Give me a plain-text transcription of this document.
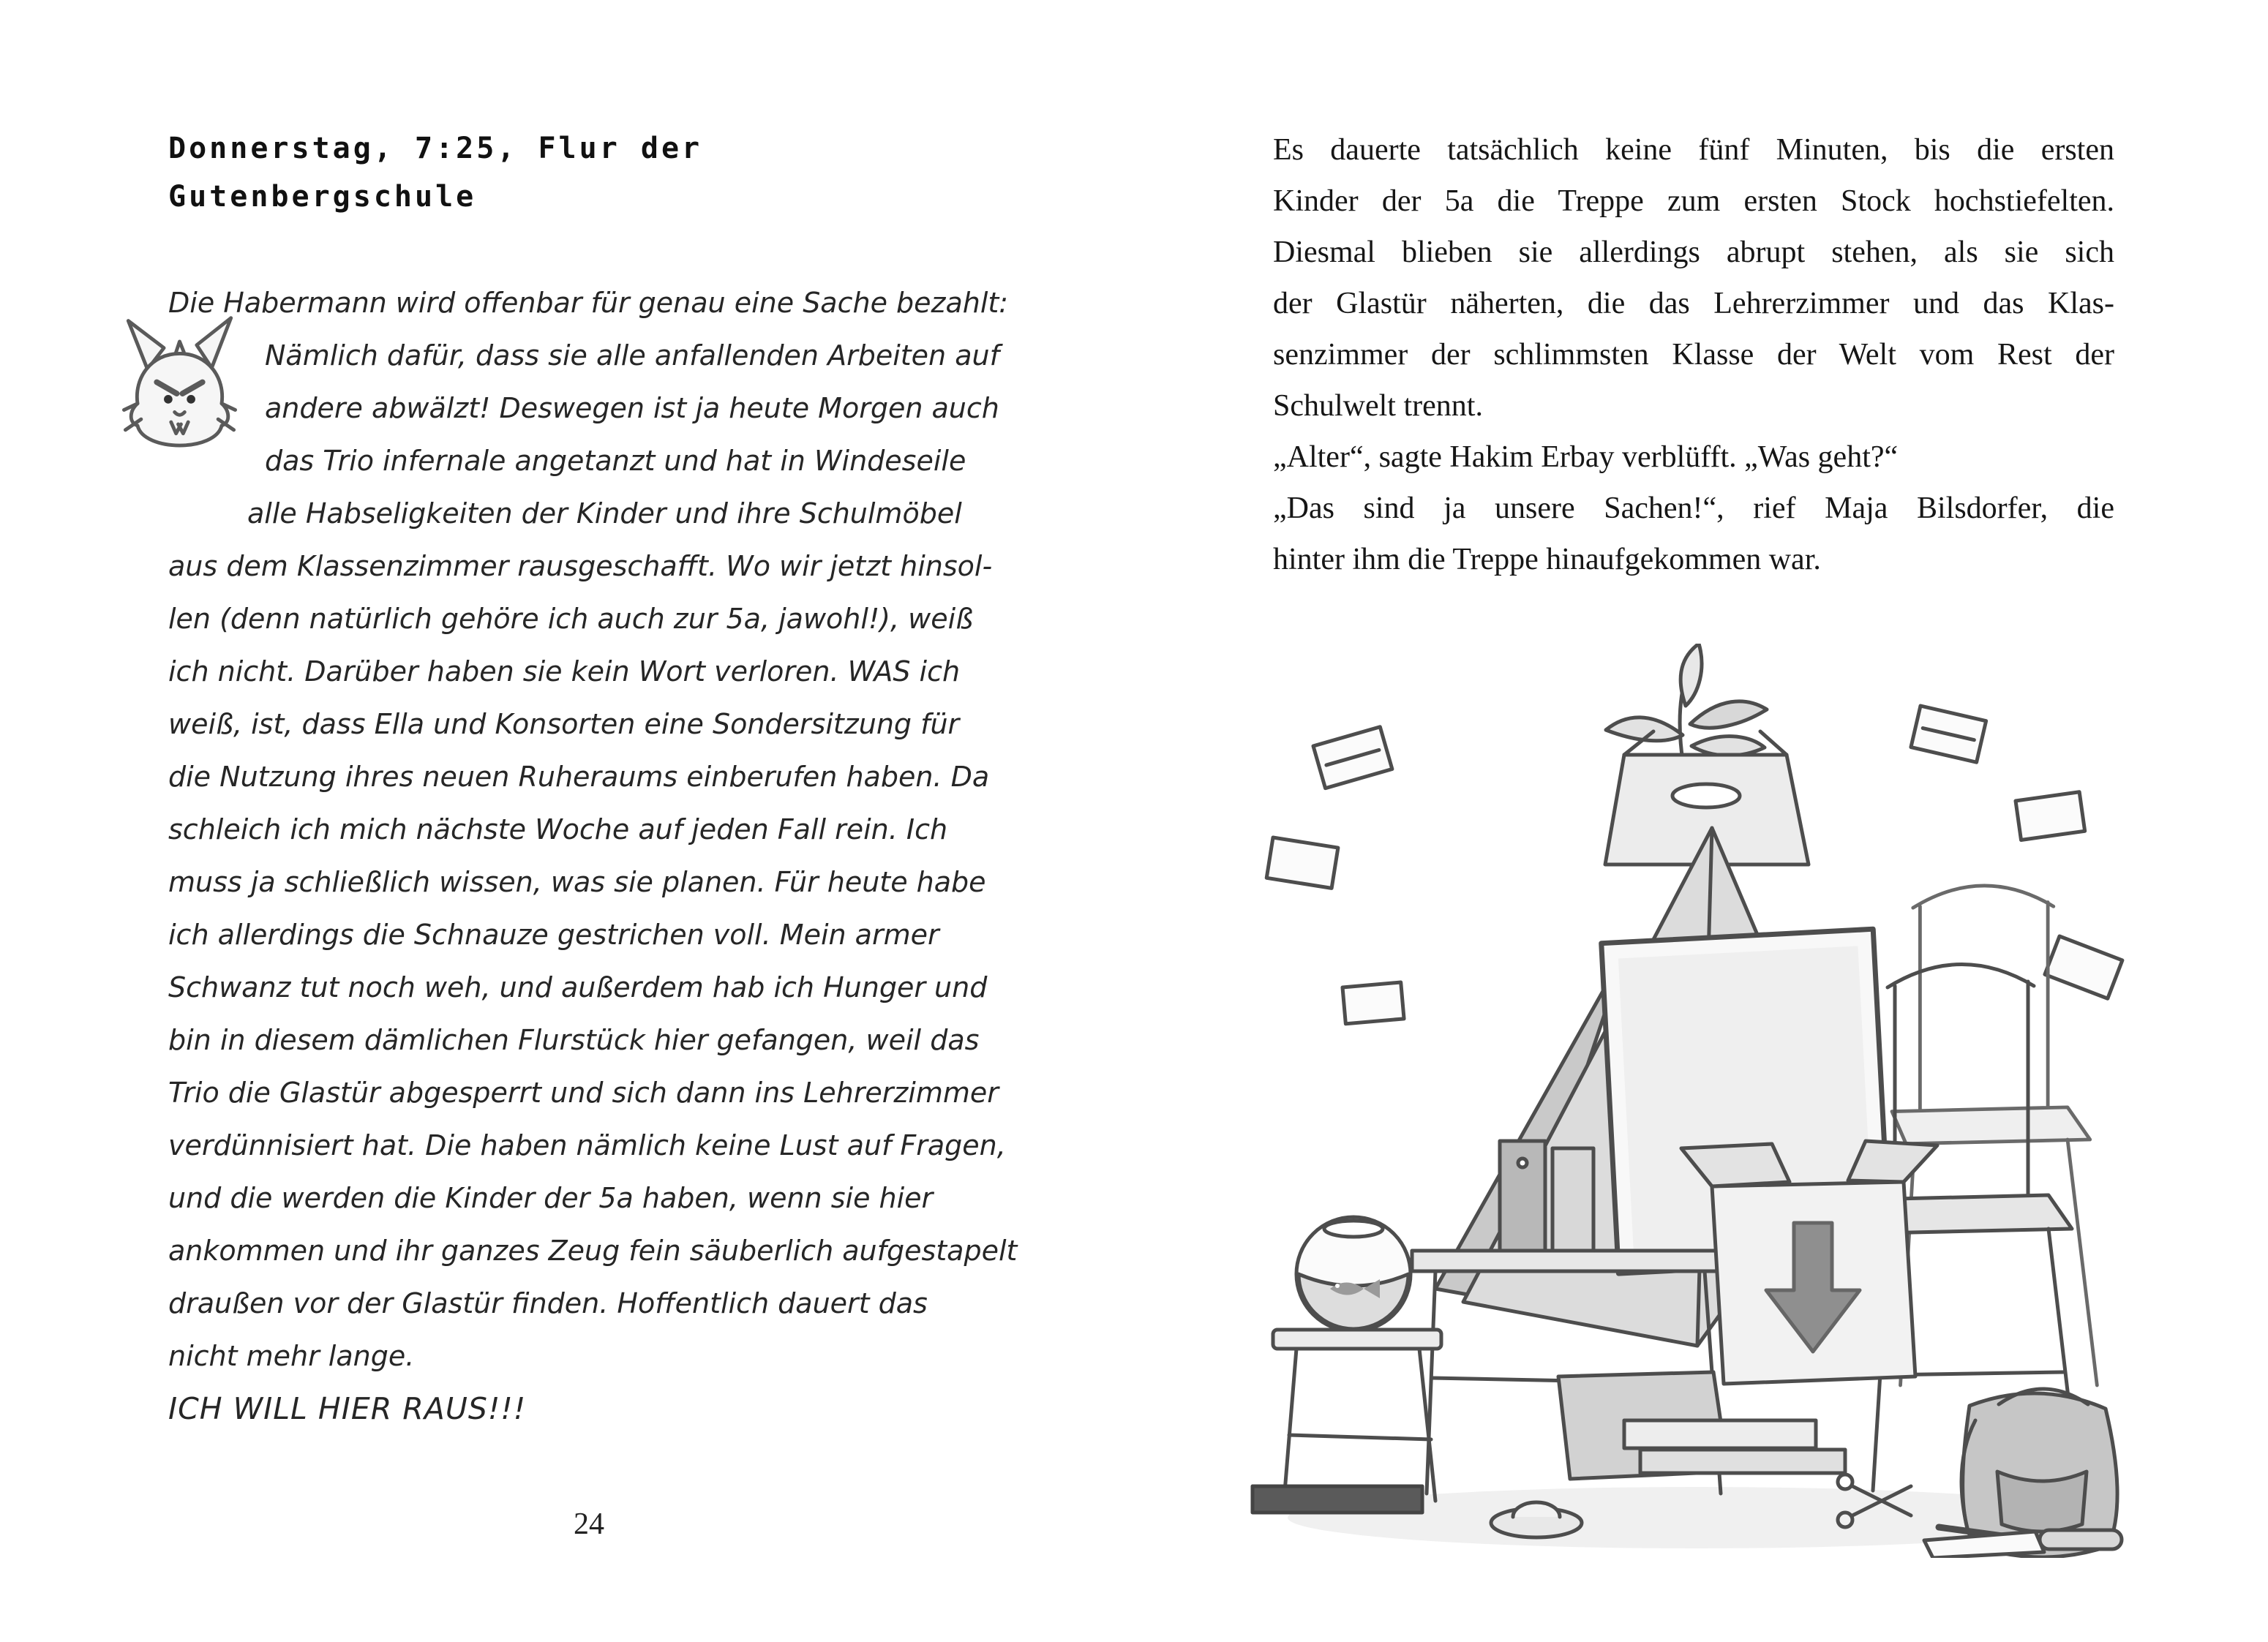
Donnerstag, 7:25, Flur der
Gutenbergschule
Die Habermann wird offenbar für genau eine Sache bezahlt:
Nämlich dafür, dass sie alle anfallenden Arbeiten auf
andere abwälzt! Deswegen ist ja heute Morgen auch
das Trio infernale angetanzt und hat in Windeseile
alle Habseligkeiten der Kinder und ihre Schulmöbel
aus dem Klassenzimmer rausgeschafft. Wo wir jetzt hinsol-
len (denn natürlich gehöre ich auch zur 5a, jawohl!), weiß
ich nicht. Darüber haben sie kein Wort verloren. WAS ich
weiß, ist, dass Ella und Konsorten eine Sondersitzung für
die Nutzung ihres neuen Ruheraums einberufen haben. Da
schleich ich mich nächste Woche auf jeden Fall rein. Ich
muss ja schließlich wissen, was sie planen. Für heute habe
ich allerdings die Schnauze gestrichen voll. Mein armer
Schwanz tut noch weh, und außerdem hab ich Hunger und
bin in diesem dämlichen Flurstück hier gefangen, weil das
Trio die Glastür abgesperrt und sich dann ins Lehrerzimmer
verdünnisiert hat. Die haben nämlich keine Lust auf Fragen,
und die werden die Kinder der 5a haben, wenn sie hier
ankommen und ihr ganzes Zeug fein säuberlich aufgestapelt
draußen vor der Glastür finden. Hoffentlich dauert das
nicht mehr lange.
ICH WILL HIER RAUS!!!
24
Es dauerte tatsächlich keine fünf Minuten, bis die ersten
Kinder der 5a die Treppe zum ersten Stock hochstiefelten.
Diesmal blieben sie allerdings abrupt stehen, als sie sich
der Glastür näherten, die das Lehrerzimmer und das Klas-
senzimmer der schlimmsten Klasse der Welt vom Rest der
Schulwelt trennt.
„Alter“, sagte Hakim Erbay verblüfft. „Was geht?“
„Das sind ja unsere Sachen!“, rief Maja Bilsdorfer, die
hinter ihm die Treppe hinaufgekommen war.
